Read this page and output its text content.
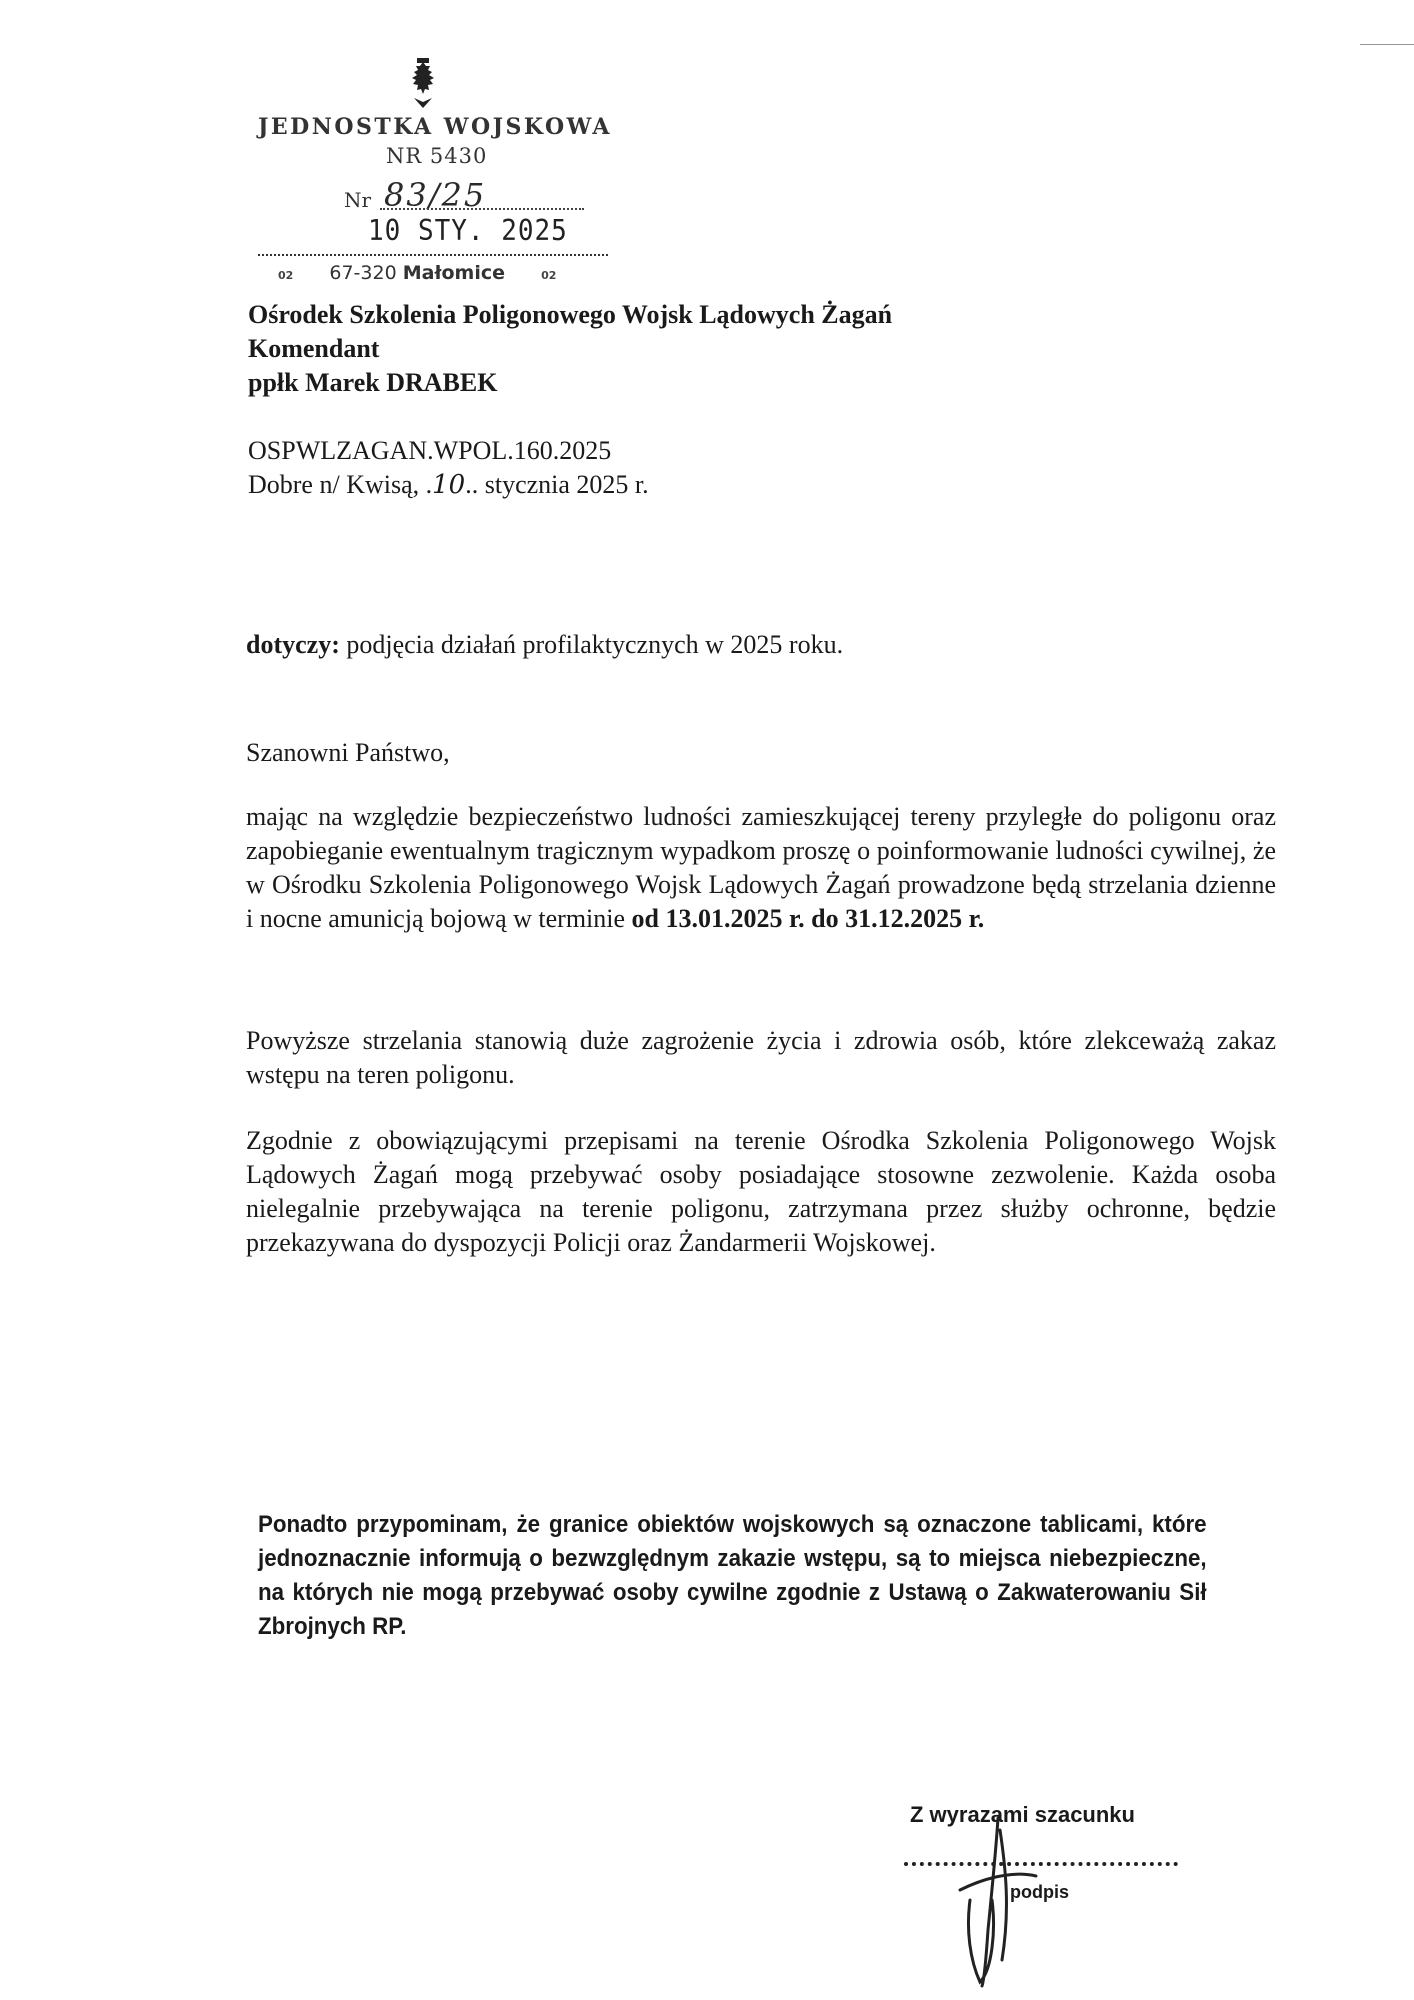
JEDNOSTKA WOJSKOWA
NR 5430
Nr 83/25
10 STY. 2025
02 67-320 Małomice	02
Ośrodek Szkolenia Poligonowego Wojsk Lądowych Żagań
Komendant
ppłk Marek DRABEK
OSPWLZAGAN.WPOL.160.2025
Dobre n/ Kwisą, .10.. stycznia 2025 r.
dotyczy: podjęcia działań profilaktycznych w 2025 roku.
Szanowni Państwo,
mając na względzie bezpieczeństwo ludności zamieszkującej tereny przyległe do poligonu oraz zapobieganie ewentualnym tragicznym wypadkom proszę o poinformowanie ludności cywilnej, że w Ośrodku Szkolenia Poligonowego Wojsk Lądowych Żagań prowadzone będą strzelania dzienne i nocne amunicją bojową w terminie od 13.01.2025 r. do 31.12.2025 r.
Powyższe strzelania stanowią duże zagrożenie życia i zdrowia osób, które zlekceważą zakaz wstępu na teren poligonu.
Zgodnie z obowiązującymi przepisami na terenie Ośrodka Szkolenia Poligonowego Wojsk Lądowych Żagań mogą przebywać osoby posiadające stosowne zezwolenie. Każda osoba nielegalnie przebywająca na terenie poligonu, zatrzymana przez służby ochronne, będzie przekazywana do dyspozycji Policji oraz Żandarmerii Wojskowej.
Ponadto przypominam, że granice obiektów wojskowych są oznaczone tablicami, które jednoznacznie informują o bezwzględnym zakazie wstępu, są to miejsca niebezpieczne, na których nie mogą przebywać osoby cywilne zgodnie z Ustawą o Zakwaterowaniu Sił Zbrojnych RP.
Z wyrazami szacunku
podpis
